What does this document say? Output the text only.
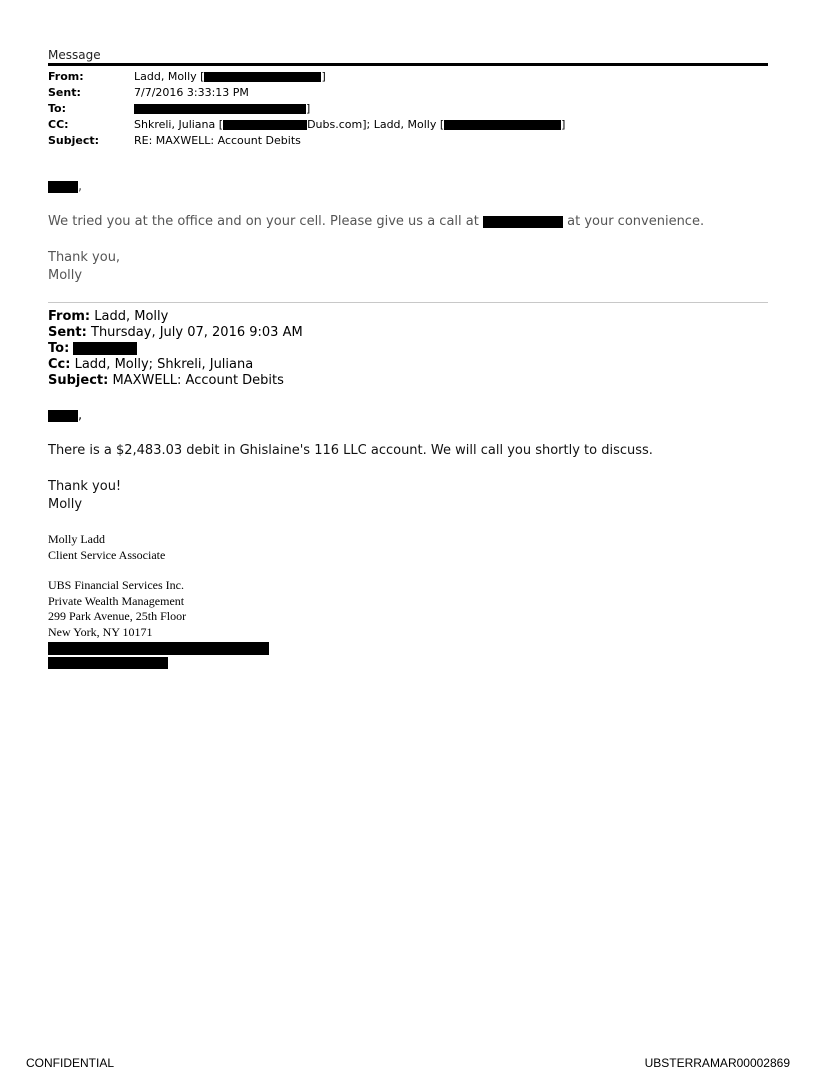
Message
From:	Ladd, Molly [	]
Sent:	7/7/2016 3:33:13 PM
To:	]
CC:	Shkreli, Juliana [	Dubs.com]; Ladd, Molly [	]
Subject:	RE: MAXWELL: Account Debits
,
We tried you at the office and on your cell. Please give us a call at	at your convenience.
Thank you,
Molly
From: Ladd, Molly
Sent: Thursday, July 07, 2016 9:03 AM
To:
Cc: Ladd, Molly; Shkreli, Juliana
Subject: MAXWELL: Account Debits
,
There is a $2,483.03 debit in Ghislaine's 116 LLC account. We will call you shortly to discuss.
Thank you!
Molly
Molly Ladd
Client Service Associate
UBS Financial Services Inc.
Private Wealth Management
299 Park Avenue, 25th Floor
New York, NY 10171
CONFIDENTIAL	UBSTERRAMAR00002869
